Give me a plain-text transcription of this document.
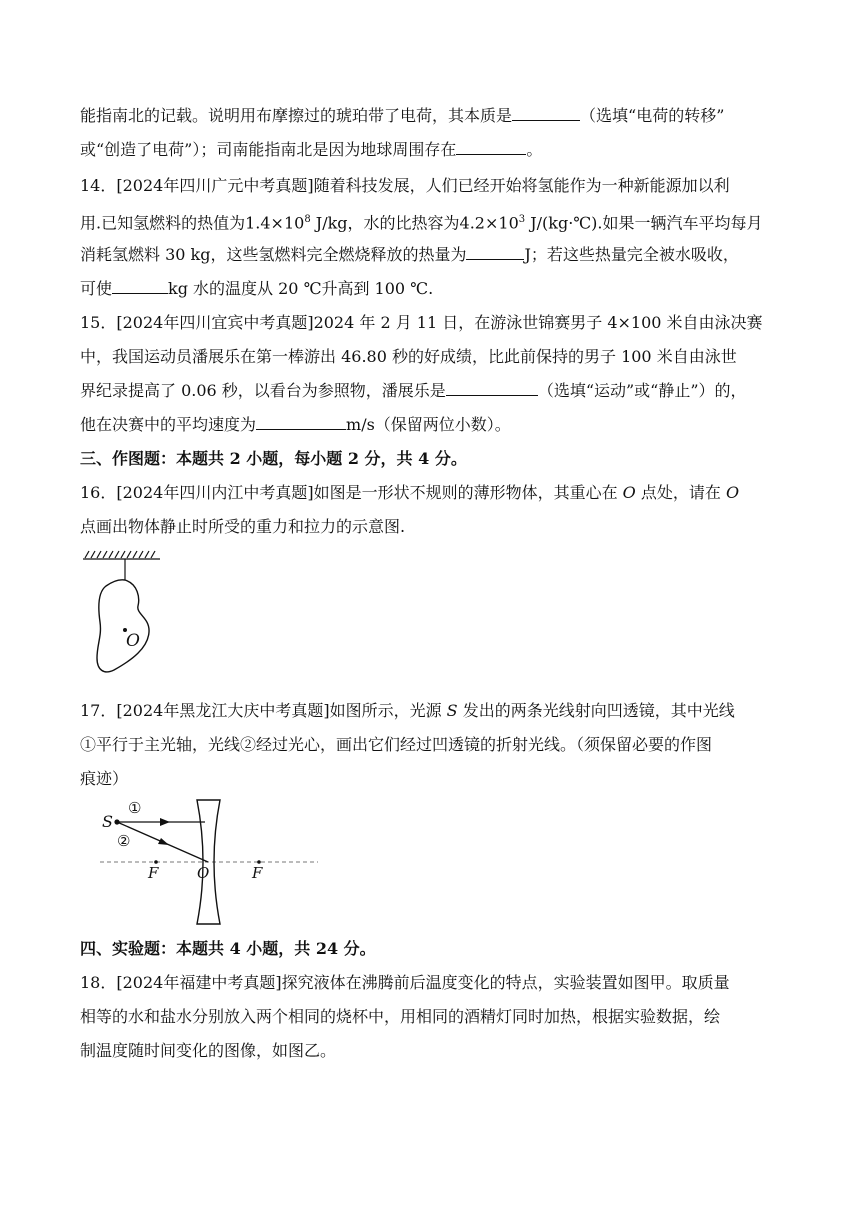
能指南北的记载。说明用布摩擦过的琥珀带了电荷，其本质是	（选填“电荷的转移”
或“创造了电荷”）；司南能指南北是因为地球周围存在	。
14．[2024年四川广元中考真题]随着科技发展，人们已经开始将氢能作为一种新能源加以利
用.已知氢燃料的热值为$1.4\times 10^8$ J/kg，水的比热容为$4.2\times 10^3$ J/(kg·℃).如果一辆汽车平均每月
消耗氢燃料 30 kg，这些氢燃料完全燃烧释放的热量为	J；若这些热量完全被水吸收，
可使	kg 水的温度从 20 ℃升高到 100 ℃.
15．[2024年四川宜宾中考真题]2024 年 2 月 11 日，在游泳世锦赛男子 4×100 米自由泳决赛
中，我国运动员潘展乐在第一棒游出 46.80 秒的好成绩，比此前保持的男子 100 米自由泳世
界纪录提高了 0.06 秒，以看台为参照物，潘展乐是	（选填“运动”或“静止”）的，
他在决赛中的平均速度为	m/s（保留两位小数）。
三、作图题：本题共 2 小题，每小题 2 分，共 4 分。
16．[2024年四川内江中考真题]如图是一形状不规则的薄形物体，其重心在 O 点处，请在 O
点画出物体静止时所受的重力和拉力的示意图.
O
17．[2024年黑龙江大庆中考真题]如图所示，光源 S 发出的两条光线射向凹透镜，其中光线
①平行于主光轴，光线②经过光心，画出它们经过凹透镜的折射光线。（须保留必要的作图
痕迹）
S
①
②
F	O	F
四、实验题：本题共 4 小题，共 24 分。
18．[2024年福建中考真题]探究液体在沸腾前后温度变化的特点，实验装置如图甲。取质量
相等的水和盐水分别放入两个相同的烧杯中，用相同的酒精灯同时加热，根据实验数据，绘
制温度随时间变化的图像，如图乙。
